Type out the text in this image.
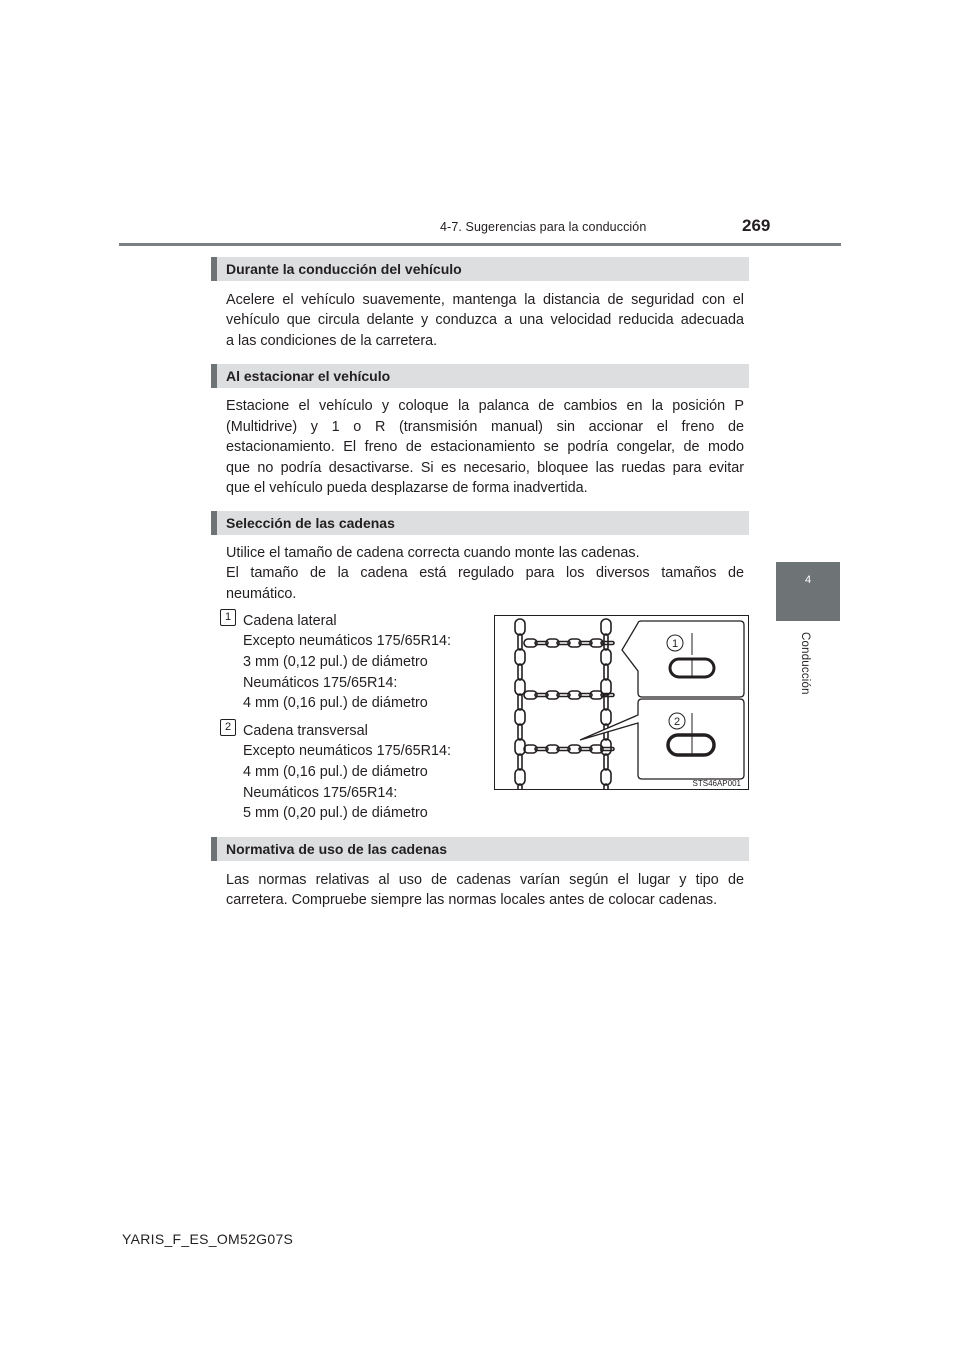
4-7. Sugerencias para la conducción	269
4
Conducción
Durante la conducción del vehículo
Acelere el vehículo suavemente, mantenga la distancia de seguridad con el
vehículo que circula delante y conduzca a una velocidad reducida adecuada
a las condiciones de la carretera.
Al estacionar el vehículo
Estacione el vehículo y coloque la palanca de cambios en la posición P
(Multidrive) y 1 o R (transmisión manual) sin accionar el freno de
estacionamiento. El freno de estacionamiento se podría congelar, de modo
que no podría desactivarse. Si es necesario, bloquee las ruedas para evitar
que el vehículo pueda desplazarse de forma inadvertida.
Selección de las cadenas
Utilice el tamaño de cadena correcta cuando monte las cadenas.
El tamaño de la cadena está regulado para los diversos tamaños de
neumático.
1 Cadena lateral
Excepto neumáticos 175/65R14:
3 mm (0,12 pul.) de diámetro
Neumáticos 175/65R14:
4 mm (0,16 pul.) de diámetro
2 Cadena transversal
Excepto neumáticos 175/65R14:
4 mm (0,16 pul.) de diámetro
Neumáticos 175/65R14:
5 mm (0,20 pul.) de diámetro
1
2
STS46AP001
Normativa de uso de las cadenas
Las normas relativas al uso de cadenas varían según el lugar y tipo de
carretera. Compruebe siempre las normas locales antes de colocar cadenas.
YARIS_F_ES_OM52G07S
